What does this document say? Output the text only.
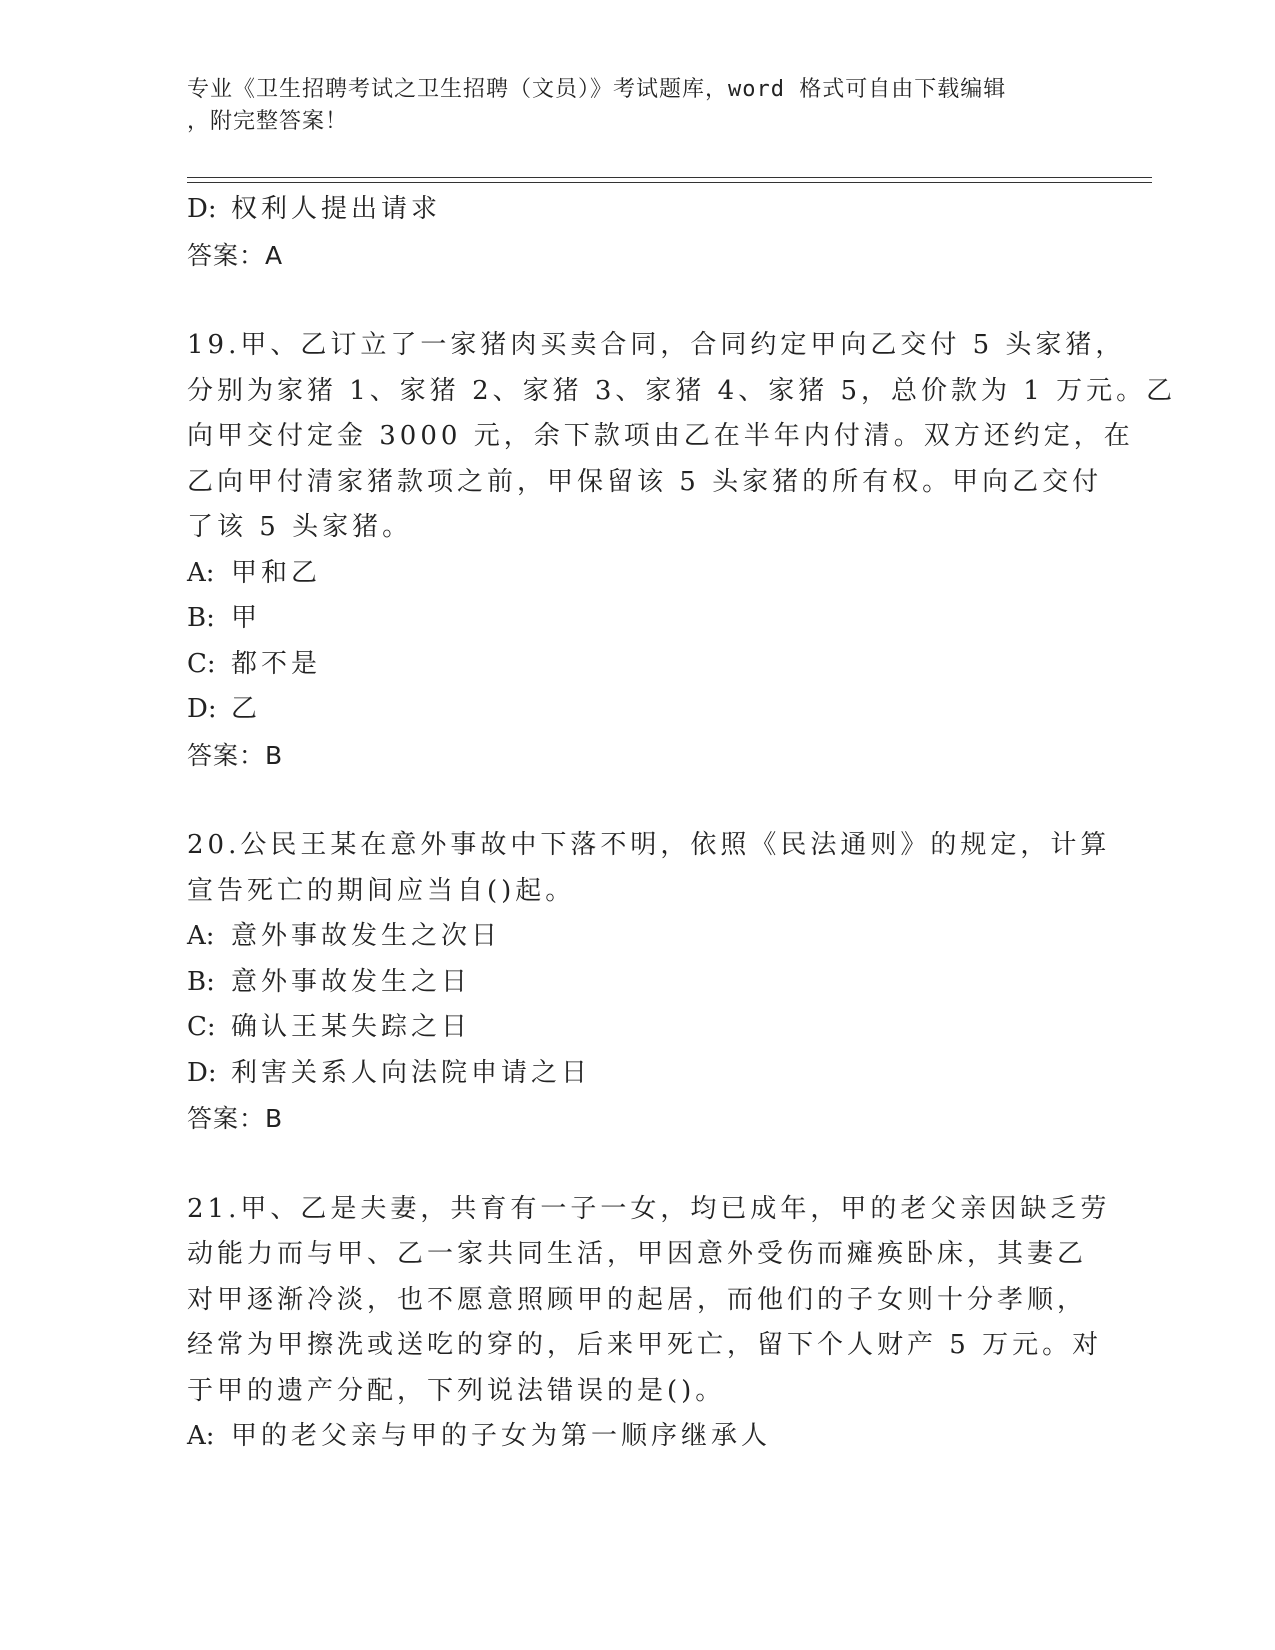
专业《卫生招聘考试之卫生招聘（文员）》考试题库，word 格式可自由下载编辑
，附完整答案！
D: 权利人提出请求
答案：A
19.甲、乙订立了一家猪肉买卖合同，合同约定甲向乙交付 5 头家猪，
分别为家猪 1、家猪 2、家猪 3、家猪 4、家猪 5，总价款为 1 万元。乙
向甲交付定金 3000 元，余下款项由乙在半年内付清。双方还约定，在
乙向甲付清家猪款项之前，甲保留该 5 头家猪的所有权。甲向乙交付
了该 5 头家猪。
A: 甲和乙
B: 甲
C: 都不是
D: 乙
答案：B
20.公民王某在意外事故中下落不明，依照《民法通则》的规定，计算
宣告死亡的期间应当自()起。
A: 意外事故发生之次日
B: 意外事故发生之日
C: 确认王某失踪之日
D: 利害关系人向法院申请之日
答案：B
21.甲、乙是夫妻，共育有一子一女，均已成年，甲的老父亲因缺乏劳
动能力而与甲、乙一家共同生活，甲因意外受伤而瘫痪卧床，其妻乙
对甲逐渐冷淡，也不愿意照顾甲的起居，而他们的子女则十分孝顺，
经常为甲擦洗或送吃的穿的，后来甲死亡，留下个人财产 5 万元。对
于甲的遗产分配，下列说法错误的是()。
A: 甲的老父亲与甲的子女为第一顺序继承人
